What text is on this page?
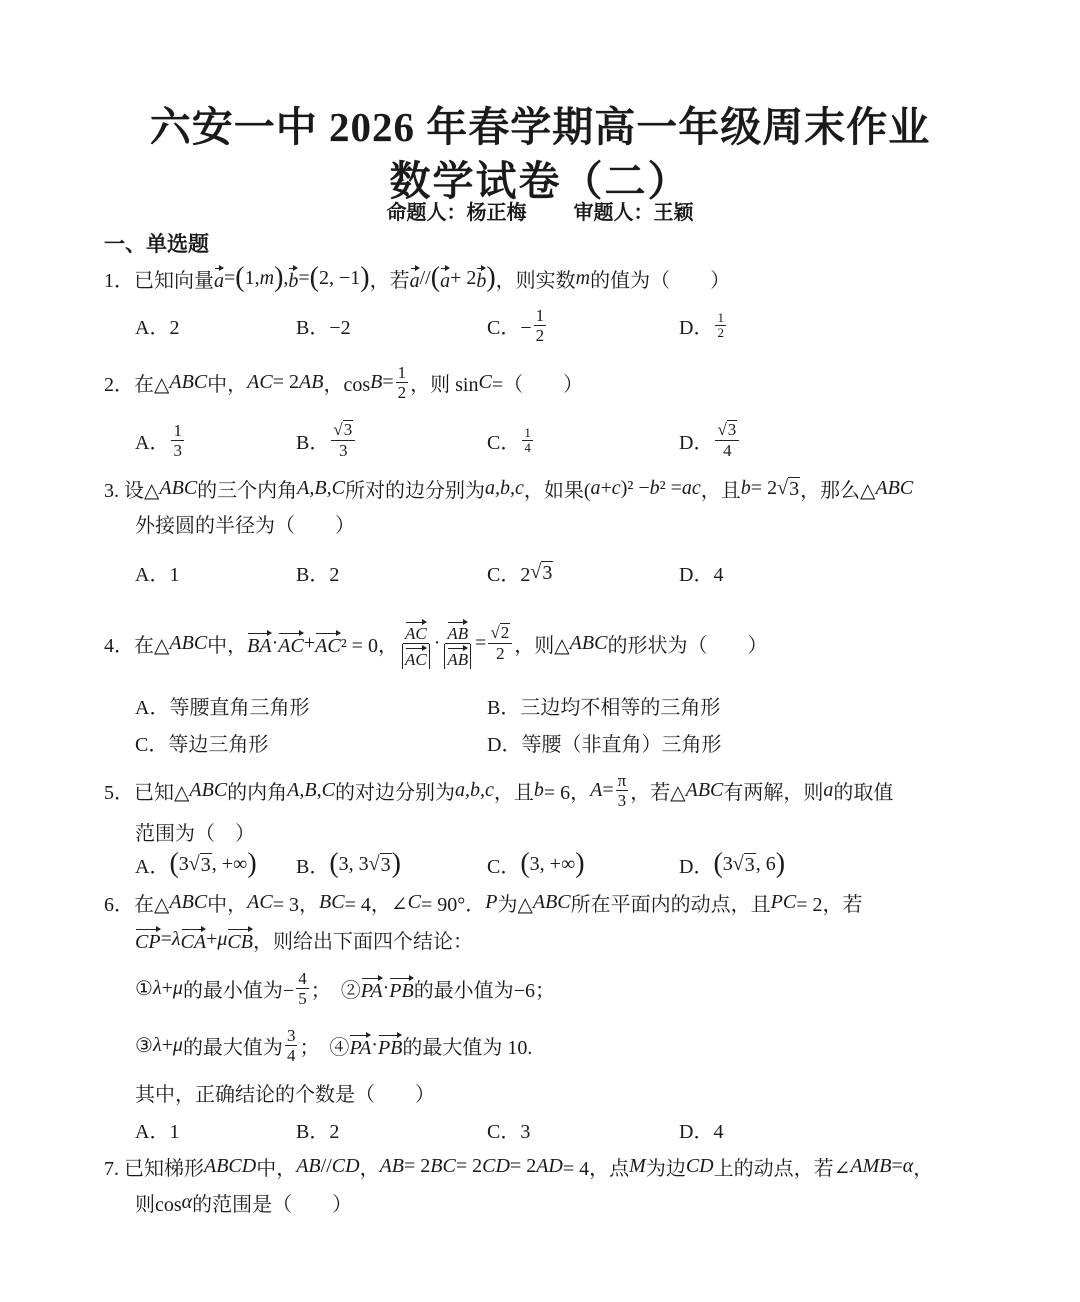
六安一中 2026 年春学期高一年级周末作业
数学试卷（二）
命题人：杨正梅 审题人：王颖
一、单选题
1．已知向量 a = ( 1, m ) , b = ( 2, −1 ) ，若 a // ( a + 2 b ) ，则实数 m 的值为（　　）
2．在△ ABC 中， AC = 2 AB ，$\cos B = \frac{1}{2}$ ，则 sin C =（　　）
3. 设△ ABC 的三个内角 A,B,C 所对的边分别为 a,b,c ，如果( a + c )² − b ² = ac ，且 b = 2 √ 3 ，那么△ ABC
外接圆的半径为（　　）
4．在△ ABC 中， BA · AC + AC ² = 0， $\frac{AC}{AC} \cdot \frac{AB}{AB} = \frac{√ 2}{2}$ ，则△ ABC 的形状为（　　）
5．已知△ ABC 的内角 A,B,C 的对边分别为 a,b,c ，且 b = 6， $A = \frac{\pi}{3}$ ，若△ ABC 有两解，则 a 的取值
范围为（　）
6．在△ ABC 中， AC = 3， BC = 4，∠ C = 90°． P 为△ ABC 所在平面内的动点，且 PC = 2，若
CP = λ CA + μ CB ，则给出下面四个结论：
① λ + μ 的最小值为− $\frac{4}{5}$ ；　② PA · PB 的最小值为−6；
③ λ + μ 的最大值为 $\frac{3}{4}$ ；　④ PA · PB 的最大值为 10.
其中，正确结论的个数是（　　）
7. 已知梯形 ABCD 中， AB // CD ， AB = 2 BC = 2 CD = 2 AD = 4，点 M 为边 CD 上的动点，若∠ AMB = α ，
则cos α 的范围是（　　）
A．2	B．−2	C．− $\frac{1}{2}$	D． $\frac{1}{2}$
A． $\frac{1}{3}$	B． $\frac{√ 3}{3}$	C． $\frac{1}{4}$	D． $\frac{√ 3}{4}$
A．1	B．2	C．2 √ 3	D．4
A．等腰直角三角形	B．三边均不相等的三角形
C．等边三角形	D．等腰（非直角）三角形
A． ( 3 √ 3 , +∞ ) B． ( 3, 3 √ 3 )	C． ( 3, +∞ )	D． ( 3 √ 3 , 6 )
A．1	B．2	C．3	D．4
